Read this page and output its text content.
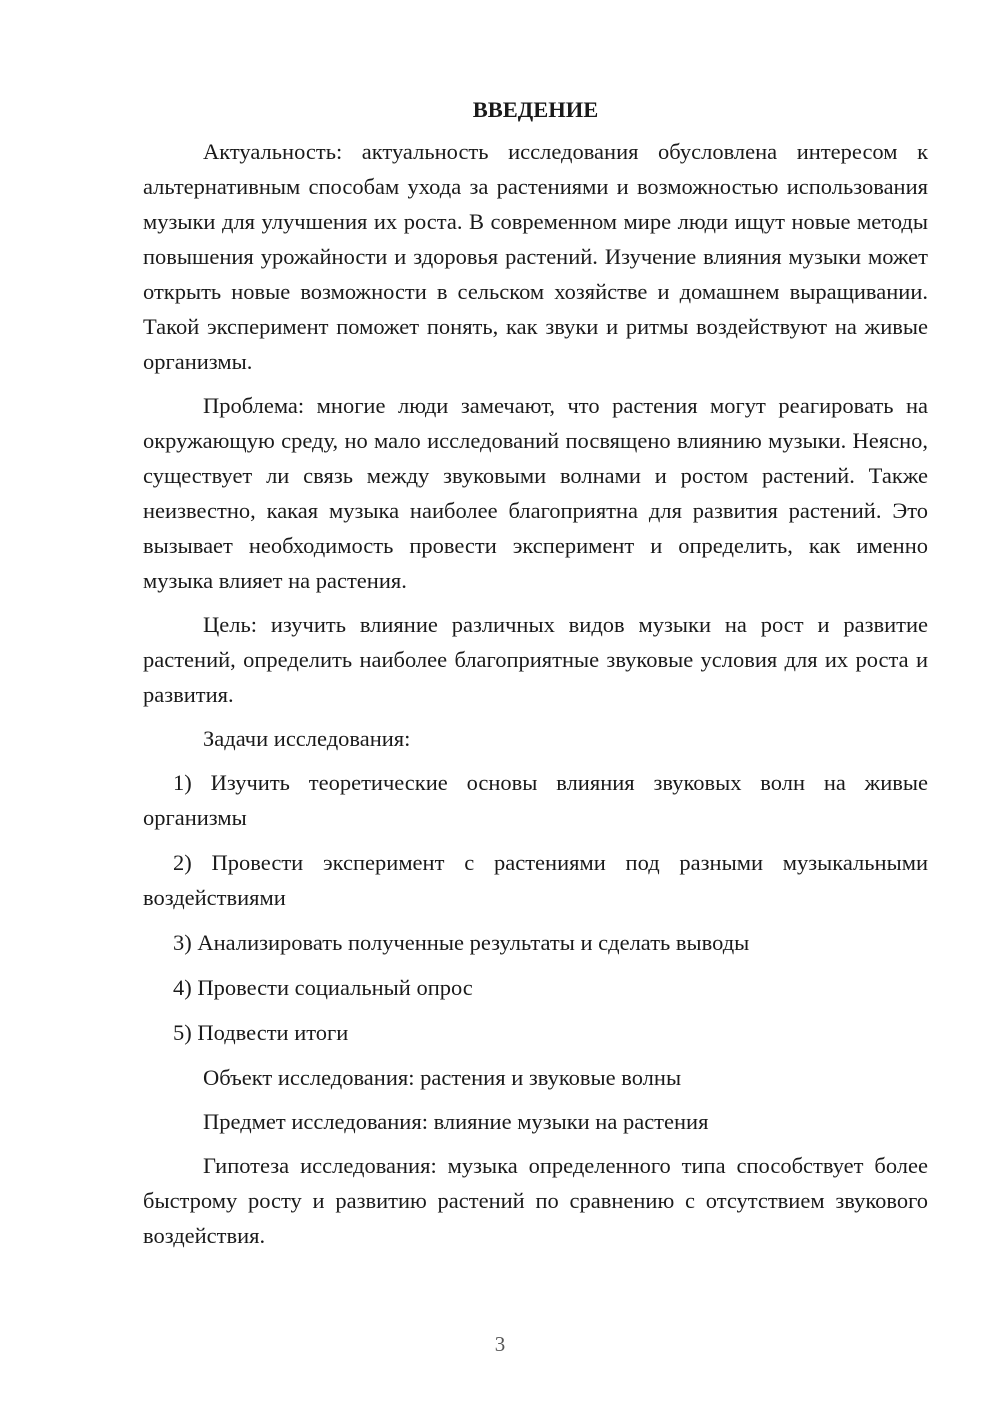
ВВЕДЕНИЕ

Актуальность: актуальность исследования обусловлена интересом к альтернативным способам ухода за растениями и возможностью использования музыки для улучшения их роста. В современном мире люди ищут новые методы повышения урожайности и здоровья растений. Изучение влияния музыки может открыть новые возможности в сельском хозяйстве и домашнем выращивании. Такой эксперимент поможет понять, как звуки и ритмы воздействуют на живые организмы.

Проблема: многие люди замечают, что растения могут реагировать на окружающую среду, но мало исследований посвящено влиянию музыки. Неясно, существует ли связь между звуковыми волнами и ростом растений. Также неизвестно, какая музыка наиболее благоприятна для развития растений. Это вызывает необходимость провести эксперимент и определить, как именно музыка влияет на растения.

Цель: изучить влияние различных видов музыки на рост и развитие растений, определить наиболее благоприятные звуковые условия для их роста и развития.

Задачи исследования:

1) Изучить теоретические основы влияния звуковых волн на живые организмы

2) Провести эксперимент с растениями под разными музыкальными воздействиями

3) Анализировать полученные результаты и сделать выводы

4) Провести социальный опрос

5) Подвести итоги

Объект исследования: растения и звуковые волны

Предмет исследования: влияние музыки на растения

Гипотеза исследования: музыка определенного типа способствует более быстрому росту и развитию растений по сравнению с отсутствием звукового воздействия.

3
